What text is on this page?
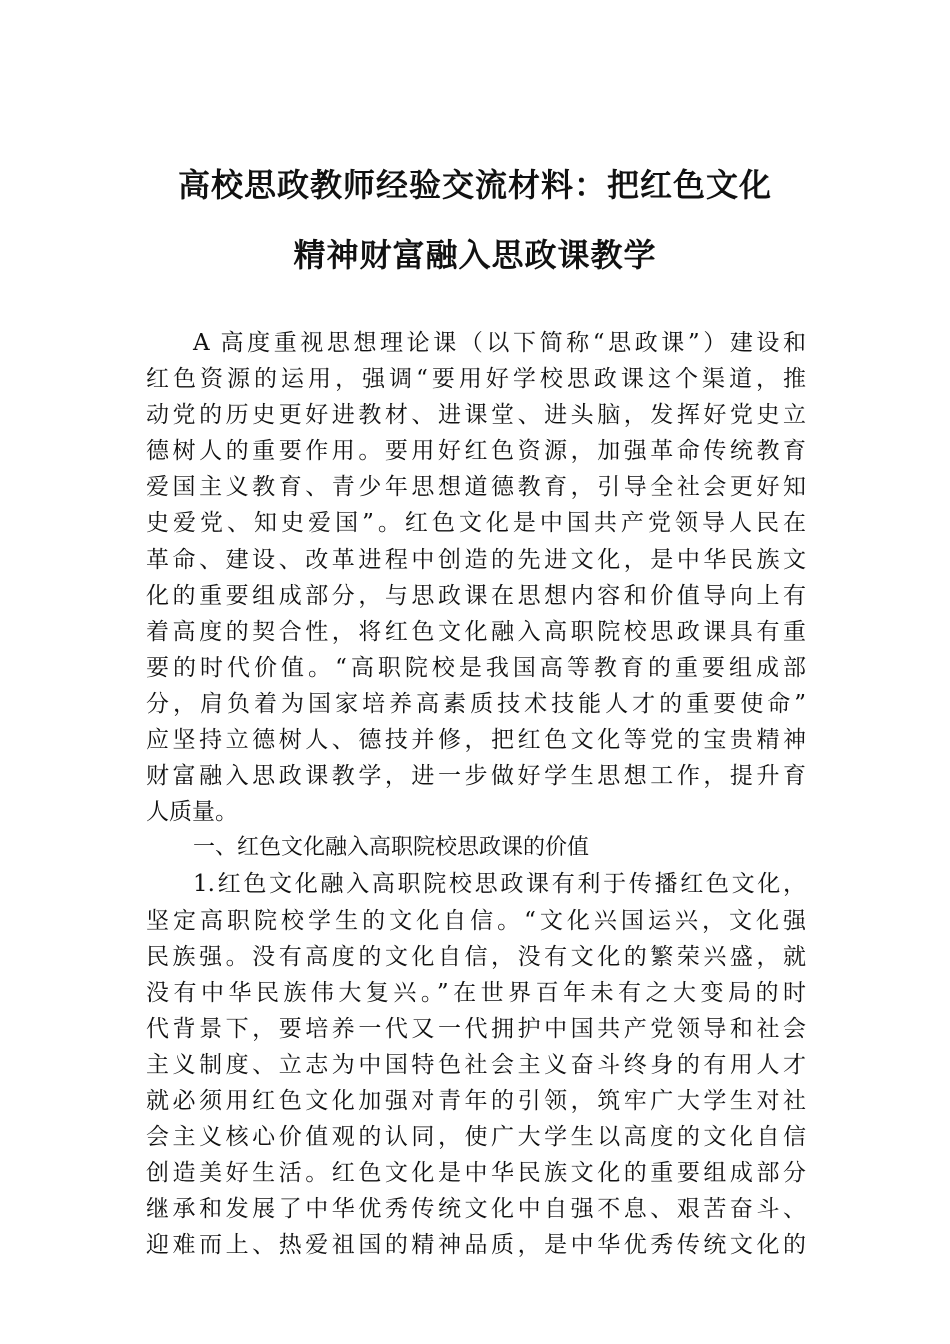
高校思政教师经验交流材料：把红色文化
精神财富融入思政课教学
A 高度重视思想理论课（以下简称“思政课”）建设和
红色资源的运用，强调“要用好学校思政课这个渠道，推
动党的历史更好进教材、进课堂、进头脑，发挥好党史立
德树人的重要作用。要用好红色资源，加强革命传统教育
爱国主义教育、青少年思想道德教育，引导全社会更好知
史爱党、知史爱国”。红色文化是中国共产党领导人民在
革命、建设、改革进程中创造的先进文化，是中华民族文
化的重要组成部分，与思政课在思想内容和价值导向上有
着高度的契合性，将红色文化融入高职院校思政课具有重
要的时代价值。“高职院校是我国高等教育的重要组成部
分，肩负着为国家培养高素质技术技能人才的重要使命”
应坚持立德树人、德技并修，把红色文化等党的宝贵精神
财富融入思政课教学，进一步做好学生思想工作，提升育
人质量。
一、红色文化融入高职院校思政课的价值
1.红色文化融入高职院校思政课有利于传播红色文化，
坚定高职院校学生的文化自信。“文化兴国运兴，文化强
民族强。没有高度的文化自信，没有文化的繁荣兴盛，就
没有中华民族伟大复兴。”在世界百年未有之大变局的时
代背景下，要培养一代又一代拥护中国共产党领导和社会
主义制度、立志为中国特色社会主义奋斗终身的有用人才
就必须用红色文化加强对青年的引领，筑牢广大学生对社
会主义核心价值观的认同，使广大学生以高度的文化自信
创造美好生活。红色文化是中华民族文化的重要组成部分
继承和发展了中华优秀传统文化中自强不息、艰苦奋斗、
迎难而上、热爱祖国的精神品质，是中华优秀传统文化的
